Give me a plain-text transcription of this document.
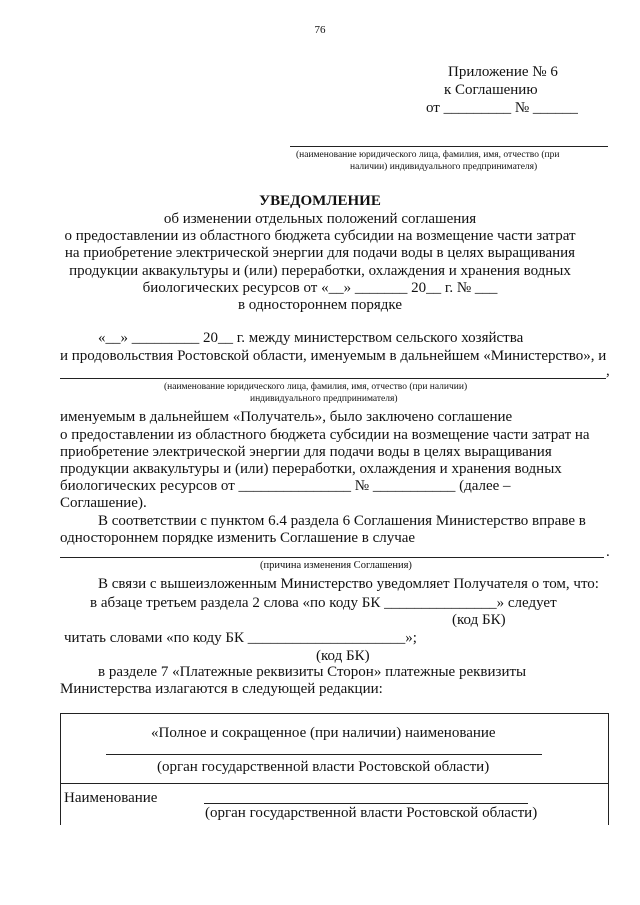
76
Приложение № 6
к Соглашению
от _________ № ______
(наименование юридического лица, фамилия, имя, отчество (при
наличии) индивидуального предпринимателя)
УВЕДОМЛЕНИЕ
об изменении отдельных положений соглашения
о предоставлении из областного бюджета субсидии на возмещение части затрат
на приобретение электрической энергии для подачи воды в целях выращивания
продукции аквакультуры и (или) переработки, охлаждения и хранения водных
биологических ресурсов от «__» _______ 20__ г. № ___
в одностороннем порядке
«__» _________ 20__ г. между министерством сельского хозяйства
и продовольствия Ростовской области, именуемым в дальнейшем «Министерство», и
,
(наименование юридического лица, фамилия, имя, отчество (при наличии)
индивидуального предпринимателя)
именуемым в дальнейшем «Получатель», было заключено соглашение
о предоставлении из областного бюджета субсидии на возмещение части затрат на
приобретение электрической энергии для подачи воды в целях выращивания
продукции аквакультуры и (или) переработки, охлаждения и хранения водных
биологических ресурсов от _______________ № ___________ (далее –
Соглашение).
В соответствии с пунктом 6.4 раздела 6 Соглашения Министерство вправе в
одностороннем порядке изменить Соглашение в случае
.
(причина изменения Соглашения)
В связи с вышеизложенным Министерство уведомляет Получателя о том, что:
в абзаце третьем раздела 2 слова «по коду БК _______________» следует
(код БК)
читать словами «по коду БК _____________________»;
(код БК)
в разделе 7 «Платежные реквизиты Сторон» платежные реквизиты
Министерства излагаются в следующей редакции:
«Полное и сокращенное (при наличии) наименование
(орган государственной власти Ростовской области)
Наименование
(орган государственной власти Ростовской области)
